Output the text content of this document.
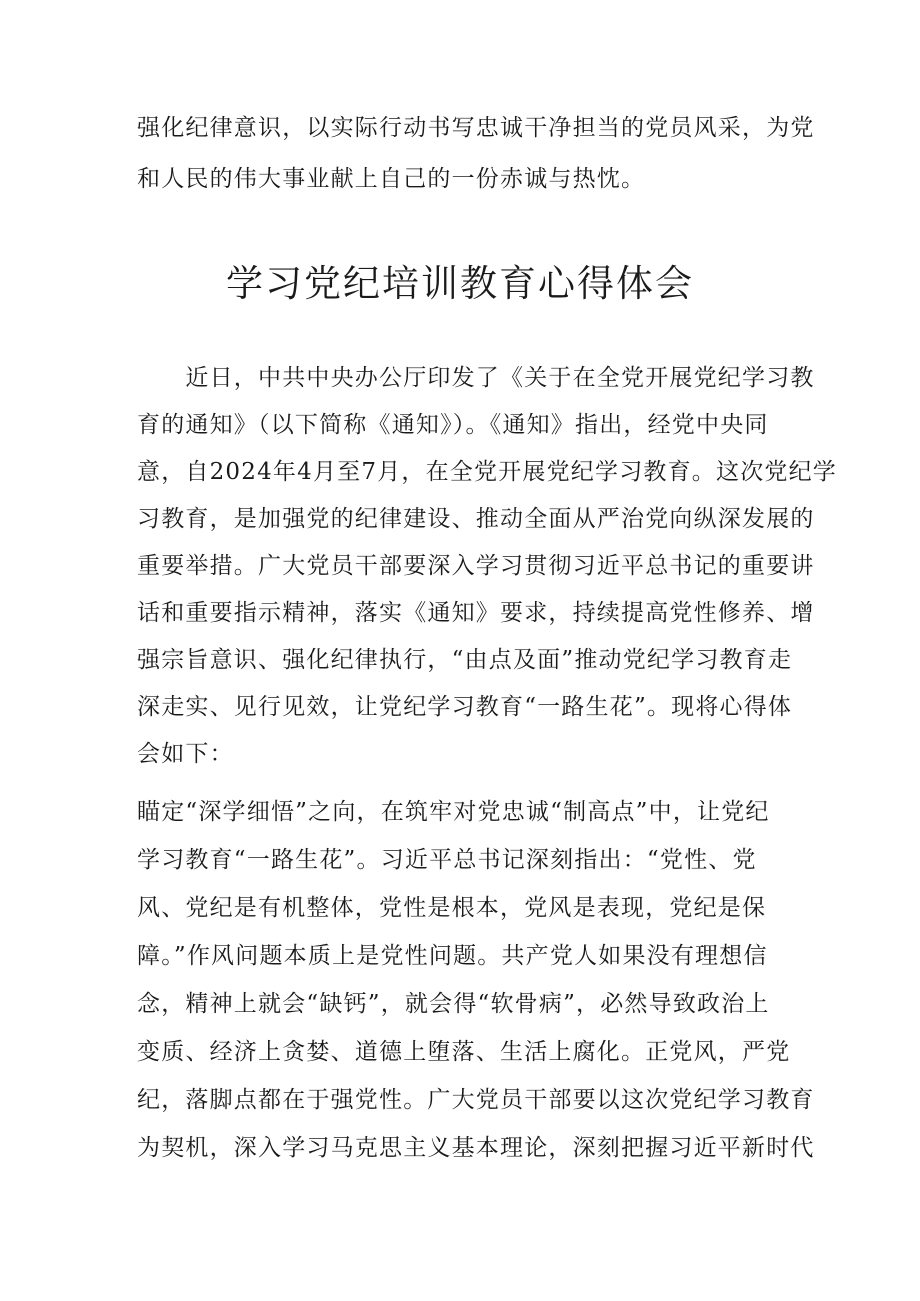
强化纪律意识，以实际行动书写忠诚干净担当的党员风采，为党
和人民的伟大事业献上自己的一份赤诚与热忱。
学习党纪培训教育心得体会
　　近日，中共中央办公厅印发了《关于在全党开展党纪学习教
育的通知》（以下简称《通知》）。《通知》指出，经党中央同
意，自2024年4月至7月，在全党开展党纪学习教育。这次党纪学
习教育，是加强党的纪律建设、推动全面从严治党向纵深发展的
重要举措。广大党员干部要深入学习贯彻习近平总书记的重要讲
话和重要指示精神，落实《通知》要求，持续提高党性修养、增
强宗旨意识、强化纪律执行，“由点及面”推动党纪学习教育走
深走实、见行见效，让党纪学习教育“一路生花”。现将心得体
会如下：
瞄定“深学细悟”之向，在筑牢对党忠诚“制高点”中，让党纪
学习教育“一路生花”。习近平总书记深刻指出：“党性、党
风、党纪是有机整体，党性是根本，党风是表现，党纪是保
障。”作风问题本质上是党性问题。共产党人如果没有理想信
念，精神上就会“缺钙”，就会得“软骨病”，必然导致政治上
变质、经济上贪婪、道德上堕落、生活上腐化。正党风，严党
纪，落脚点都在于强党性。广大党员干部要以这次党纪学习教育
为契机，深入学习马克思主义基本理论，深刻把握习近平新时代
